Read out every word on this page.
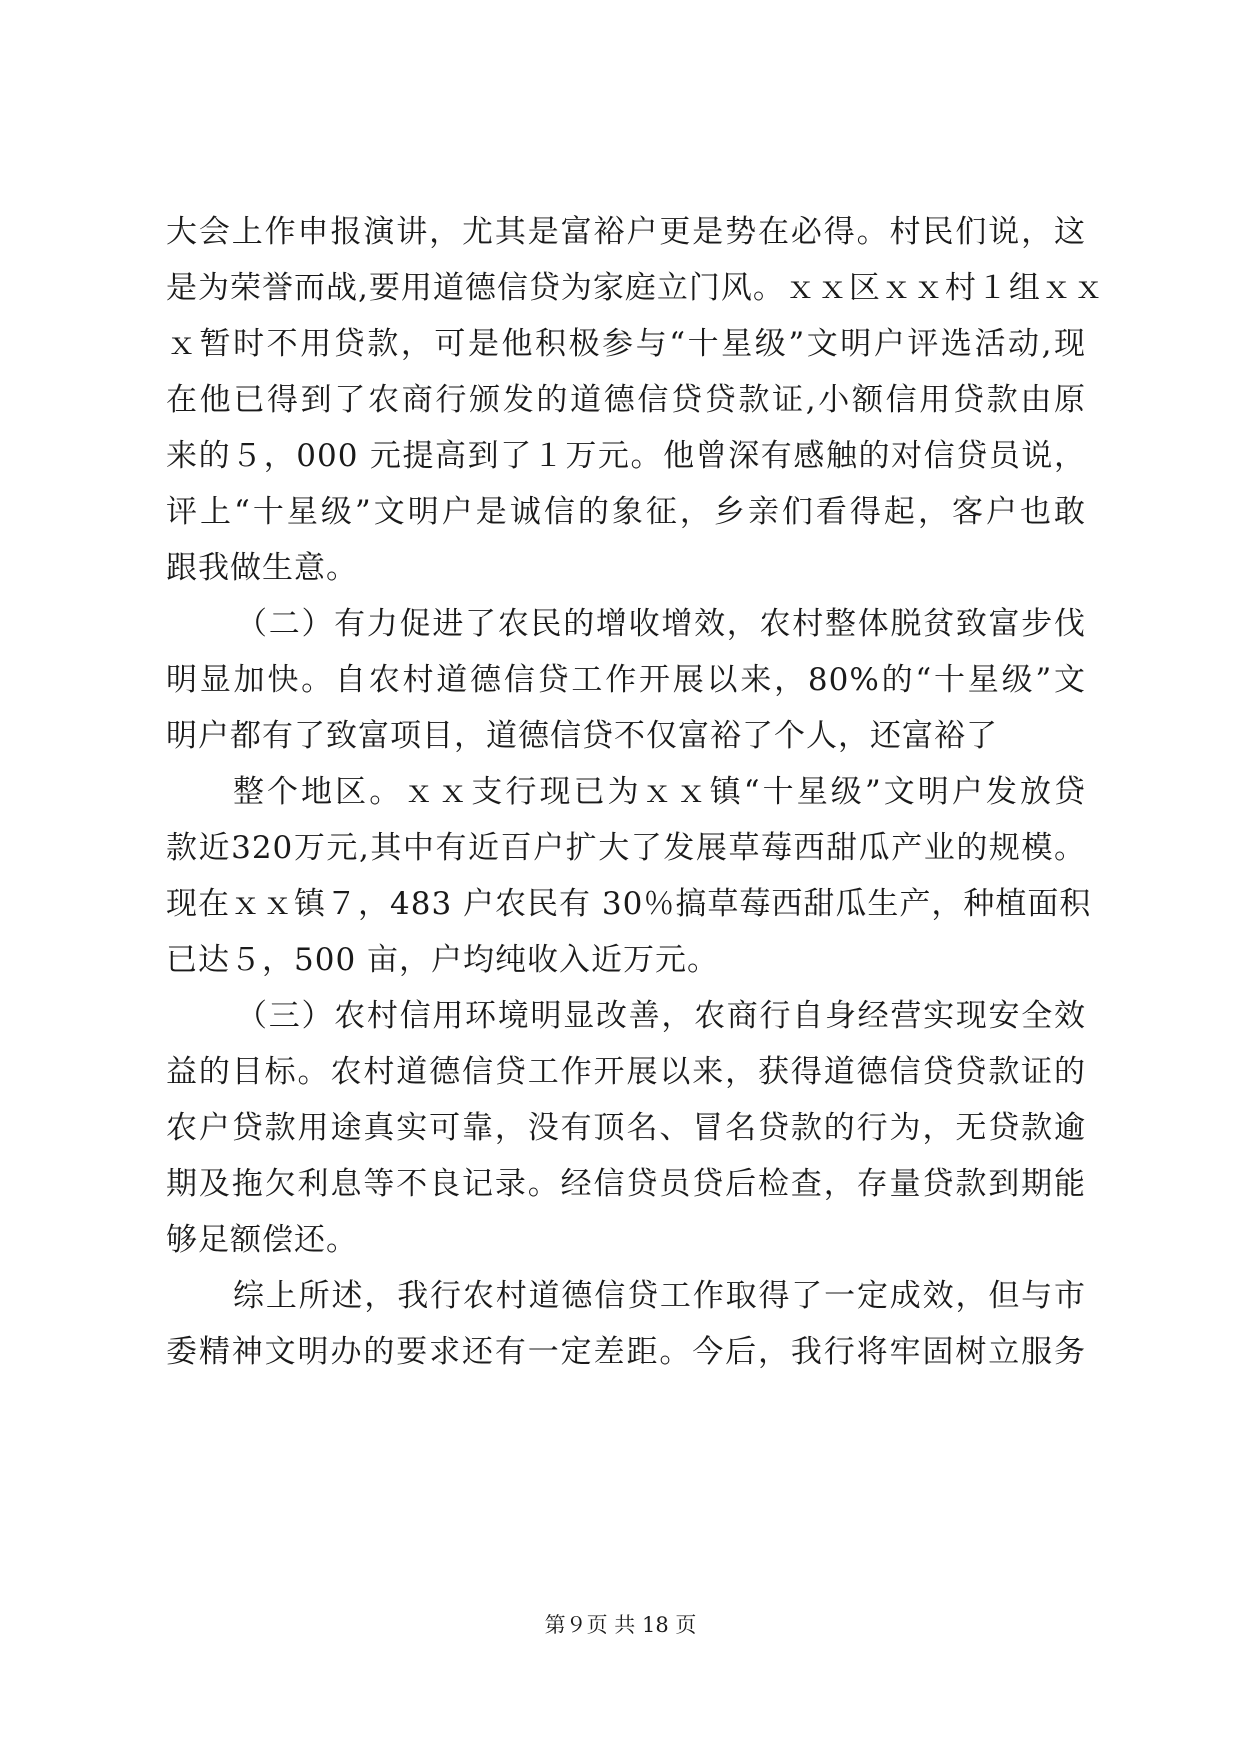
大会上作申报演讲，尤其是富裕户更是势在必得。村民们说，这
是为荣誉而战,要用道德信贷为家庭立门风。ｘｘ区ｘｘ村１组ｘｘ
ｘ暂时不用贷款，可是他积极参与“十星级”文明户评选活动,现
在他已得到了农商行颁发的道德信贷贷款证,小额信用贷款由原
来的５，000 元提高到了１万元。他曾深有感触的对信贷员说，
评上“十星级”文明户是诚信的象征，乡亲们看得起，客户也敢
跟我做生意。
（二）有力促进了农民的增收增效，农村整体脱贫致富步伐
明显加快。自农村道德信贷工作开展以来，80%的“十星级”文
明户都有了致富项目，道德信贷不仅富裕了个人，还富裕了
整个地区。ｘｘ支行现已为ｘｘ镇“十星级”文明户发放贷
款近320万元,其中有近百户扩大了发展草莓西甜瓜产业的规模。
现在ｘｘ镇７，483 户农民有 30％搞草莓西甜瓜生产，种植面积
已达５，500 亩，户均纯收入近万元。
（三）农村信用环境明显改善，农商行自身经营实现安全效
益的目标。农村道德信贷工作开展以来，获得道德信贷贷款证的
农户贷款用途真实可靠，没有顶名、冒名贷款的行为，无贷款逾
期及拖欠利息等不良记录。经信贷员贷后检查，存量贷款到期能
够足额偿还。
综上所述，我行农村道德信贷工作取得了一定成效，但与市
委精神文明办的要求还有一定差距。今后，我行将牢固树立服务
第９页 共 18 页
